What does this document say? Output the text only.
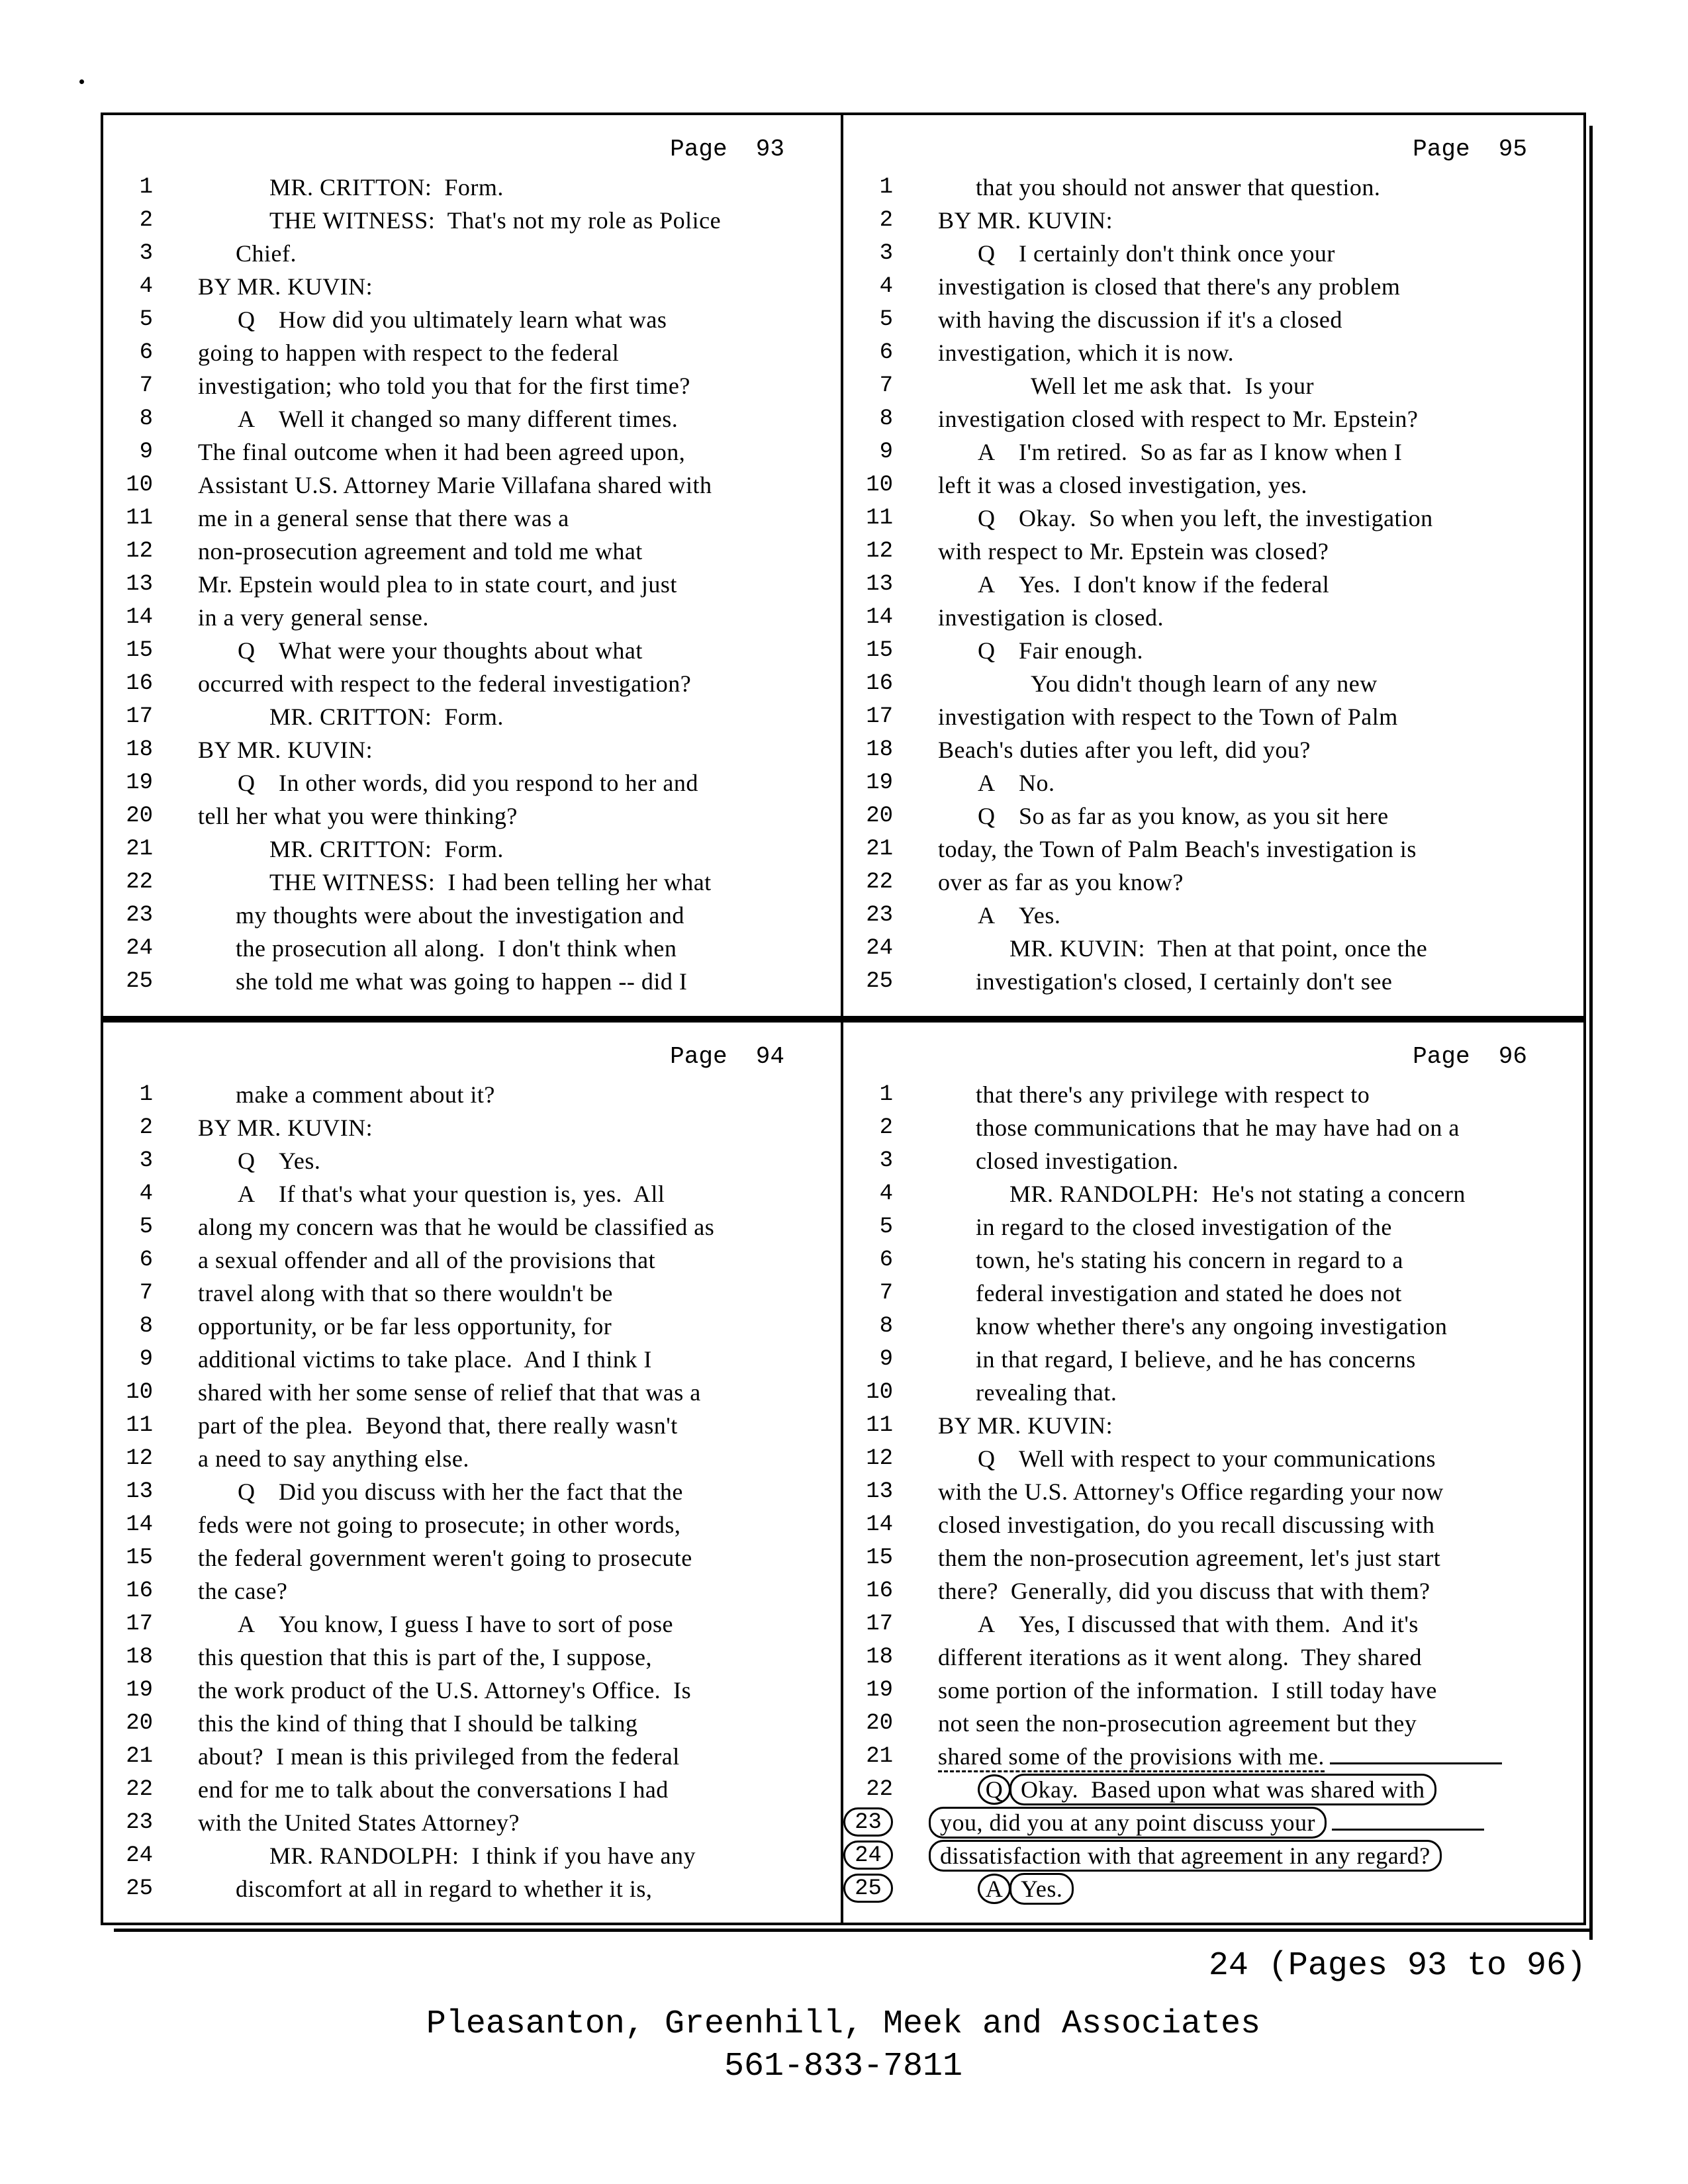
Page  93
1	MR. CRITTON:  Form.
2	THE WITNESS:  That's not my role as Police
3	Chief.
4 BY MR. KUVIN:
5	Q How did you ultimately learn what was
6 going to happen with respect to the federal
7 investigation; who told you that for the first time?
8	A Well it changed so many different times.
9 The final outcome when it had been agreed upon,
10 Assistant U.S. Attorney Marie Villafana shared with
11 me in a general sense that there was a
12 non-prosecution agreement and told me what
13 Mr. Epstein would plea to in state court, and just
14 in a very general sense.
15	Q What were your thoughts about what
16 occurred with respect to the federal investigation?
17	MR. CRITTON:  Form.
18 BY MR. KUVIN:
19	Q In other words, did you respond to her and
20 tell her what you were thinking?
21	MR. CRITTON:  Form.
22	THE WITNESS:  I had been telling her what
23	my thoughts were about the investigation and
24	the prosecution all along.  I don't think when
25	she told me what was going to happen -- did I
Page  95
1	that you should not answer that question.
2 BY MR. KUVIN:
3	Q I certainly don't think once your
4 investigation is closed that there's any problem
5 with having the discussion if it's a closed
6 investigation, which it is now.
7	Well let me ask that.  Is your
8 investigation closed with respect to Mr. Epstein?
9	A I'm retired.  So as far as I know when I
10 left it was a closed investigation, yes.
11	Q Okay.  So when you left, the investigation
12 with respect to Mr. Epstein was closed?
13	A Yes.  I don't know if the federal
14 investigation is closed.
15	Q Fair enough.
16	You didn't though learn of any new
17 investigation with respect to the Town of Palm
18 Beach's duties after you left, did you?
19	A No.
20	Q So as far as you know, as you sit here
21 today, the Town of Palm Beach's investigation is
22 over as far as you know?
23	A Yes.
24	MR. KUVIN:  Then at that point, once the
25	investigation's closed, I certainly don't see
Page  94
1	make a comment about it?
2 BY MR. KUVIN:
3	Q Yes.
4	A If that's what your question is, yes.  All
5 along my concern was that he would be classified as
6 a sexual offender and all of the provisions that
7 travel along with that so there wouldn't be
8 opportunity, or be far less opportunity, for
9 additional victims to take place.  And I think I
10 shared with her some sense of relief that that was a
11 part of the plea.  Beyond that, there really wasn't
12 a need to say anything else.
13	Q Did you discuss with her the fact that the
14 feds were not going to prosecute; in other words,
15 the federal government weren't going to prosecute
16 the case?
17	A You know, I guess I have to sort of pose
18 this question that this is part of the, I suppose,
19 the work product of the U.S. Attorney's Office.  Is
20 this the kind of thing that I should be talking
21 about?  I mean is this privileged from the federal
22 end for me to talk about the conversations I had
23 with the United States Attorney?
24	MR. RANDOLPH:  I think if you have any
25	discomfort at all in regard to whether it is,
Page  96
1	that there's any privilege with respect to
2	those communications that he may have had on a
3	closed investigation.
4	MR. RANDOLPH:  He's not stating a concern
5	in regard to the closed investigation of the
6	town, he's stating his concern in regard to a
7	federal investigation and stated he does not
8	know whether there's any ongoing investigation
9	in that regard, I believe, and he has concerns
10	revealing that.
11 BY MR. KUVIN:
12	Q Well with respect to your communications
13 with the U.S. Attorney's Office regarding your now
14 closed investigation, do you recall discussing with
15 them the non-prosecution agreement, let's just start
16 there?  Generally, did you discuss that with them?
17	A Yes, I discussed that with them.  And it's
18 different iterations as it went along.  They shared
19 some portion of the information.  I still today have
20 not seen the non-prosecution agreement but they
21 shared some of the provisions with me.
22	Q Okay.  Based upon what was shared with
23	you, did you at any point discuss your
24	dissatisfaction with that agreement in any regard?
25	A Yes.
24 (Pages 93 to 96)
Pleasanton, Greenhill, Meek and Associates
561-833-7811
